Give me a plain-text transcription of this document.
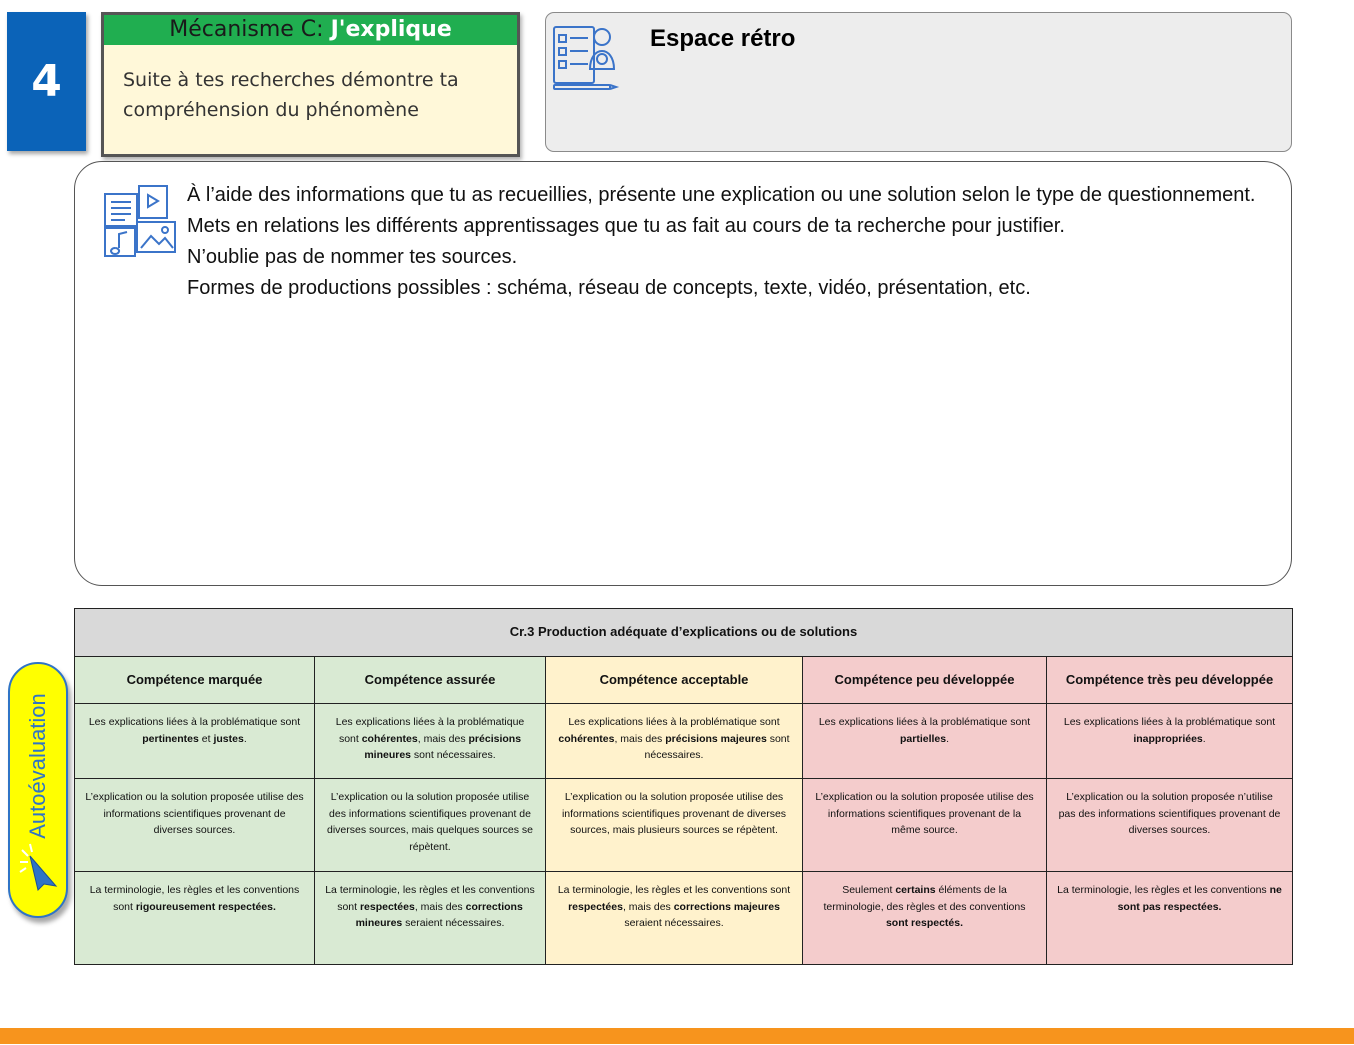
4
Mécanisme C: J'explique
Suite à tes recherches démontre ta compréhension du phénomène
Espace rétro

À l’aide des informations que tu as recueillies, présente une explication ou une solution selon le type de questionnement. Mets en relations les différents apprentissages que tu as fait au cours de ta recherche pour justifier.

N’oublie pas de nommer tes sources.

Formes de productions possibles : schéma, réseau de concepts, texte, vidéo, présentation, etc.

Autoévaluation
Cr.3 Production adéquate d’explications ou de solutions				
Compétence marquée	Compétence assurée	Compétence acceptable	Compétence peu développée	Compétence très peu développée
Les explications liées à la problématique sont pertinentes et justes.	Les explications liées à la problématique sont cohérentes, mais des précisions mineures sont nécessaires.	Les explications liées à la problématique sont cohérentes, mais des précisions majeures sont nécessaires.	Les explications liées à la problématique sont partielles.	Les explications liées à la problématique sont inappropriées.
L’explication ou la solution proposée utilise des informations scientifiques provenant de diverses sources.	L’explication ou la solution proposée utilise des informations scientifiques provenant de diverses sources, mais quelques sources se répètent.	L’explication ou la solution proposée utilise des informations scientifiques provenant de diverses sources, mais plusieurs sources se répètent.	L’explication ou la solution proposée utilise des informations scientifiques provenant de la même source.	L’explication ou la solution proposée n’utilise pas des informations scientifiques provenant de diverses sources.
La terminologie, les règles et les conventions sont rigoureusement respectées.	La terminologie, les règles et les conventions sont respectées, mais des corrections mineures seraient nécessaires.	La terminologie, les règles et les conventions sont respectées, mais des corrections majeures seraient nécessaires.	Seulement certains éléments de la terminologie, des règles et des conventions sont respectés.	La terminologie, les règles et les conventions ne sont pas respectées.
